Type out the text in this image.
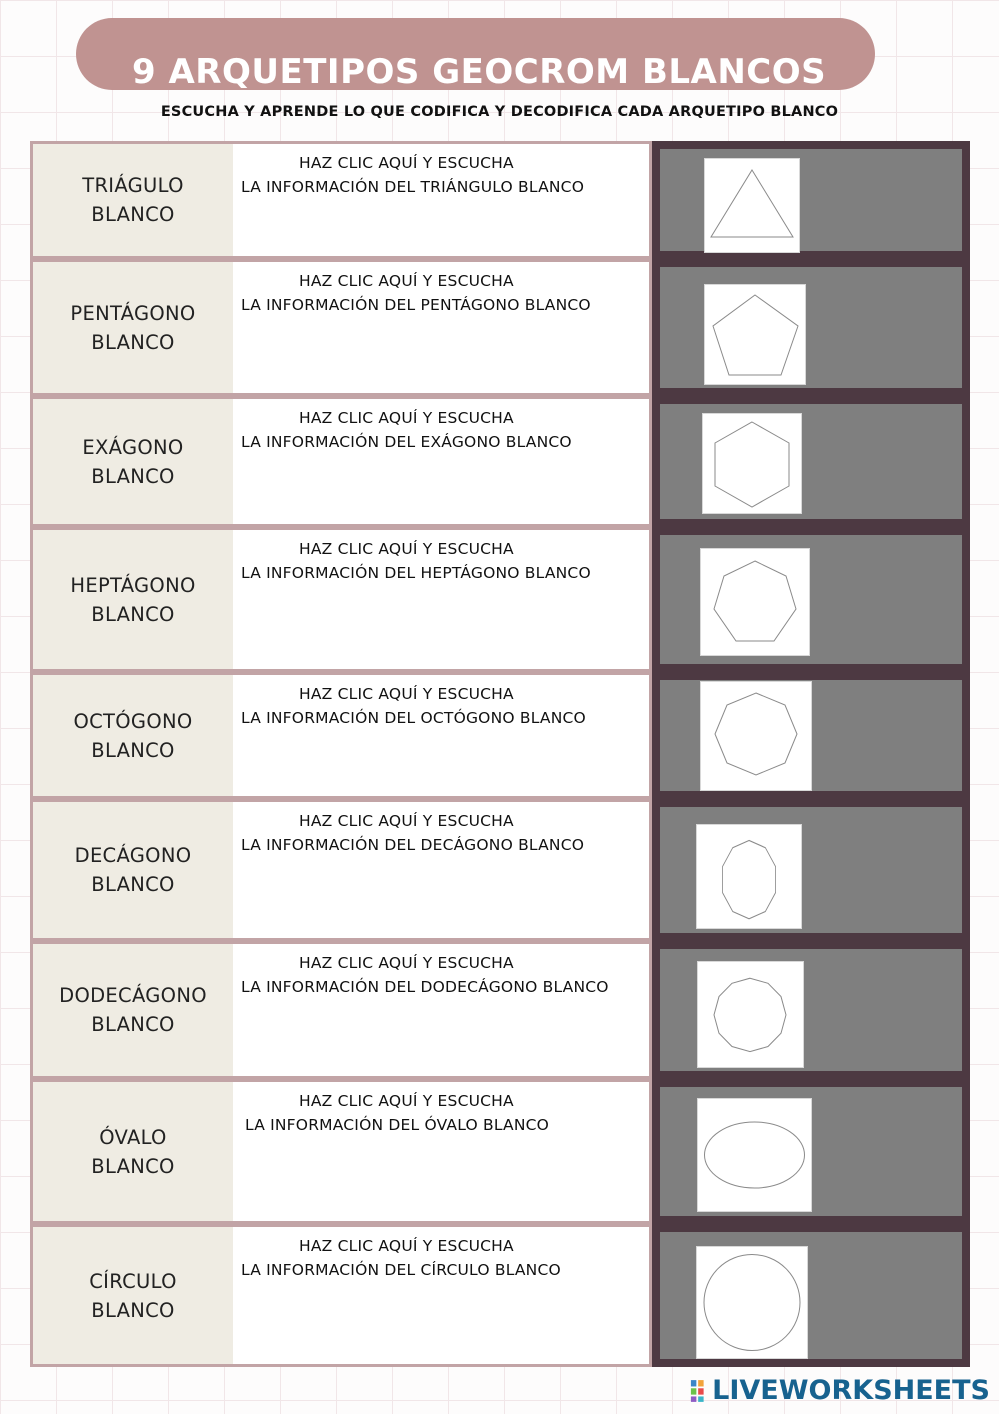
9 ARQUETIPOS GEOCROM BLANCOS
ESCUCHA Y APRENDE LO QUE CODIFICA Y DECODIFICA CADA ARQUETIPO BLANCO
TRIÁGULO
BLANCO
HAZ CLIC AQUÍ Y ESCUCHA
LA INFORMACIÓN DEL TRIÁNGULO BLANCO
PENTÁGONO
BLANCO
HAZ CLIC AQUÍ Y ESCUCHA
LA INFORMACIÓN DEL PENTÁGONO BLANCO
EXÁGONO
BLANCO
HAZ CLIC AQUÍ Y ESCUCHA
LA INFORMACIÓN DEL EXÁGONO BLANCO
HEPTÁGONO
BLANCO
HAZ CLIC AQUÍ Y ESCUCHA
LA INFORMACIÓN DEL HEPTÁGONO BLANCO
OCTÓGONO
BLANCO
HAZ CLIC AQUÍ Y ESCUCHA
LA INFORMACIÓN DEL OCTÓGONO BLANCO
DECÁGONO
BLANCO
HAZ CLIC AQUÍ Y ESCUCHA
LA INFORMACIÓN DEL DECÁGONO BLANCO
DODECÁGONO
BLANCO
HAZ CLIC AQUÍ Y ESCUCHA
LA INFORMACIÓN DEL DODECÁGONO BLANCO
ÓVALO
BLANCO
HAZ CLIC AQUÍ Y ESCUCHA
LA INFORMACIÓN DEL ÓVALO BLANCO
CÍRCULO
BLANCO
HAZ CLIC AQUÍ Y ESCUCHA
LA INFORMACIÓN DEL CÍRCULO BLANCO
LIVEWORKSHEETS
